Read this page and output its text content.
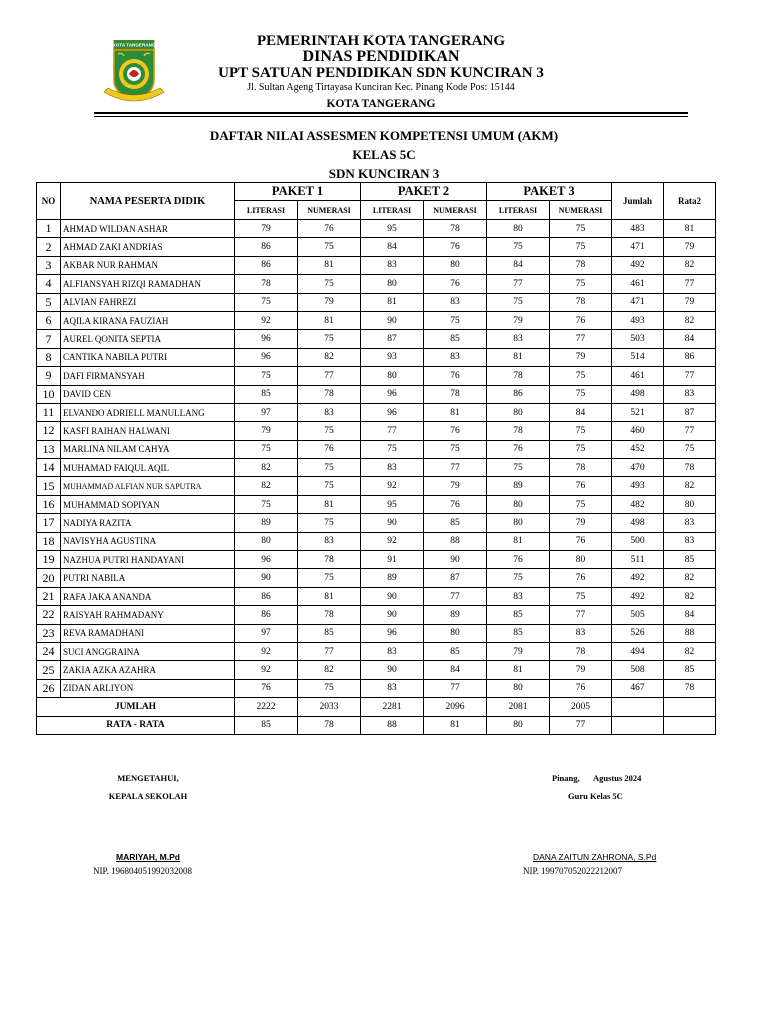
KOTA TANGERANG	PEMERINTAH KOTA TANGERANG
DINAS PENDIDIKAN
UPT SATUAN PENDIDIKAN SDN KUNCIRAN 3
Jl. Sultan Ageng Tirtayasa Kunciran Kec. Pinang Kode Pos: 15144
KOTA TANGERANG
DAFTAR NILAI ASSESMEN KOMPETENSI UMUM (AKM)
KELAS 5C
SDN KUNCIRAN 3
NO	NAMA PESERTA DIDIK	PAKET 1		PAKET 2		PAKET 3		Jumlah	Rata2
		LITERASI	NUMERASI	LITERASI	NUMERASI	LITERASI	NUMERASI		
1	AHMAD WILDAN ASHAR	79	76	95	78	80	75	483	81
2	AHMAD ZAKI ANDRIAS	86	75	84	76	75	75	471	79
3	AKBAR NUR RAHMAN	86	81	83	80	84	78	492	82
4	ALFIANSYAH RIZQI RAMADHAN	78	75	80	76	77	75	461	77
5	ALVIAN FAHREZI	75	79	81	83	75	78	471	79
6	AQILA KIRANA FAUZIAH	92	81	90	75	79	76	493	82
7	AUREL QONITA SEPTIA	96	75	87	85	83	77	503	84
8	CANTIKA NABILA PUTRI	96	82	93	83	81	79	514	86
9	DAFI FIRMANSYAH	75	77	80	76	78	75	461	77
10	DAVID CEN	85	78	96	78	86	75	498	83
11	ELVANDO ADRIELL MANULLANG	97	83	96	81	80	84	521	87
12	KASFI RAIHAN HALWANI	79	75	77	76	78	75	460	77
13	MARLINA NILAM CAHYA	75	76	75	75	76	75	452	75
14	MUHAMAD FAIQUL AQIL	82	75	83	77	75	78	470	78
15	MUHAMMAD ALFIAN NUR SAPUTRA	82	75	92	79	89	76	493	82
16	MUHAMMAD SOPIYAN	75	81	95	76	80	75	482	80
17	NADIYA RAZITA	89	75	90	85	80	79	498	83
18	NAVISYHA AGUSTINA	80	83	92	88	81	76	500	83
19	NAZHUA PUTRI HANDAYANI	96	78	91	90	76	80	511	85
20	PUTRI NABILA	90	75	89	87	75	76	492	82
21	RAFA JAKA ANANDA	86	81	90	77	83	75	492	82
22	RAISYAH RAHMADANY	86	78	90	89	85	77	505	84
23	REVA RAMADHANI	97	85	96	80	85	83	526	88
24	SUCI ANGGRAINA	92	77	83	85	79	78	494	82
25	ZAKIA AZKA AZAHRA	92	82	90	84	81	79	508	85
26	ZIDAN ARLIYON	76	75	83	77	80	76	467	78
JUMLAH		2222	2033	2281	2096	2081	2005		
RATA - RATA		85	78	88	81	80	77		
MENGETAHUI,
KEPALA SEKOLAH
MARIYAH, M.Pd
NIP. 196804051992032008
Pinang, Agustus 2024
Guru Kelas 5C
DANA ZAITUN ZAHRONA, S.Pd
NIP. 199707052022212007
